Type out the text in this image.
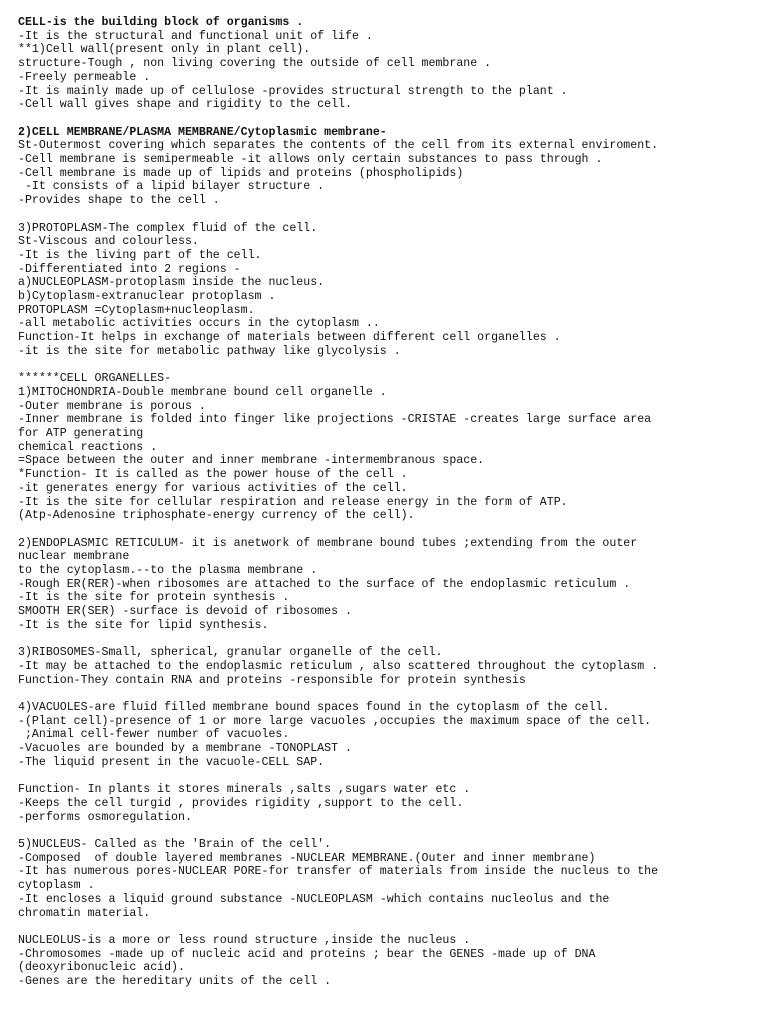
CELL-is the building block of organisms .
-It is the structural and functional unit of life .
**1)Cell wall(present only in plant cell).
structure-Tough , non living covering the outside of cell membrane .
-Freely permeable .
-It is mainly made up of cellulose -provides structural strength to the plant .
-Cell wall gives shape and rigidity to the cell.
2)CELL MEMBRANE/PLASMA MEMBRANE/Cytoplasmic membrane-
St-Outermost covering which separates the contents of the cell from its external enviroment.
-Cell membrane is semipermeable -it allows only certain substances to pass through .
-Cell membrane is made up of lipids and proteins (phospholipids)
-It consists of a lipid bilayer structure .
-Provides shape to the cell .
3)PROTOPLASM-The complex fluid of the cell.
St-Viscous and colourless.
-It is the living part of the cell.
-Differentiated into 2 regions -
a)NUCLEOPLASM-protoplasm inside the nucleus.
b)Cytoplasm-extranuclear protoplasm .
PROTOPLASM =Cytoplasm+nucleoplasm.
-all metabolic activities occurs in the cytoplasm ..
Function-It helps in exchange of materials between different cell organelles .
-it is the site for metabolic pathway like glycolysis .
******CELL ORGANELLES-
1)MITOCHONDRIA-Double membrane bound cell organelle .
-Outer membrane is porous .
-Inner membrane is folded into finger like projections -CRISTAE -creates large surface area
for ATP generating
chemical reactions .
=Space between the outer and inner membrane -intermembranous space.
*Function- It is called as the power house of the cell .
-it generates energy for various activities of the cell.
-It is the site for cellular respiration and release energy in the form of ATP.
(Atp-Adenosine triphosphate-energy currency of the cell).
2)ENDOPLASMIC RETICULUM- it is anetwork of membrane bound tubes ;extending from the outer
nuclear membrane
to the cytoplasm.--to the plasma membrane .
-Rough ER(RER)-when ribosomes are attached to the surface of the endoplasmic reticulum .
-It is the site for protein synthesis .
SMOOTH ER(SER) -surface is devoid of ribosomes .
-It is the site for lipid synthesis.
3)RIBOSOMES-Small, spherical, granular organelle of the cell.
-It may be attached to the endoplasmic reticulum , also scattered throughout the cytoplasm .
Function-They contain RNA and proteins -responsible for protein synthesis
4)VACUOLES-are fluid filled membrane bound spaces found in the cytoplasm of the cell.
-(Plant cell)-presence of 1 or more large vacuoles ,occupies the maximum space of the cell.
;Animal cell-fewer number of vacuoles.
-Vacuoles are bounded by a membrane -TONOPLAST .
-The liquid present in the vacuole-CELL SAP.
Function- In plants it stores minerals ,salts ,sugars water etc .
-Keeps the cell turgid , provides rigidity ,support to the cell.
-performs osmoregulation.
5)NUCLEUS- Called as the 'Brain of the cell'.
-Composed  of double layered membranes -NUCLEAR MEMBRANE.(Outer and inner membrane)
-It has numerous pores-NUCLEAR PORE-for transfer of materials from inside the nucleus to the
cytoplasm .
-It encloses a liquid ground substance -NUCLEOPLASM -which contains nucleolus and the
chromatin material.
NUCLEOLUS-is a more or less round structure ,inside the nucleus .
-Chromosomes -made up of nucleic acid and proteins ; bear the GENES -made up of DNA
(deoxyribonucleic acid).
-Genes are the hereditary units of the cell .
